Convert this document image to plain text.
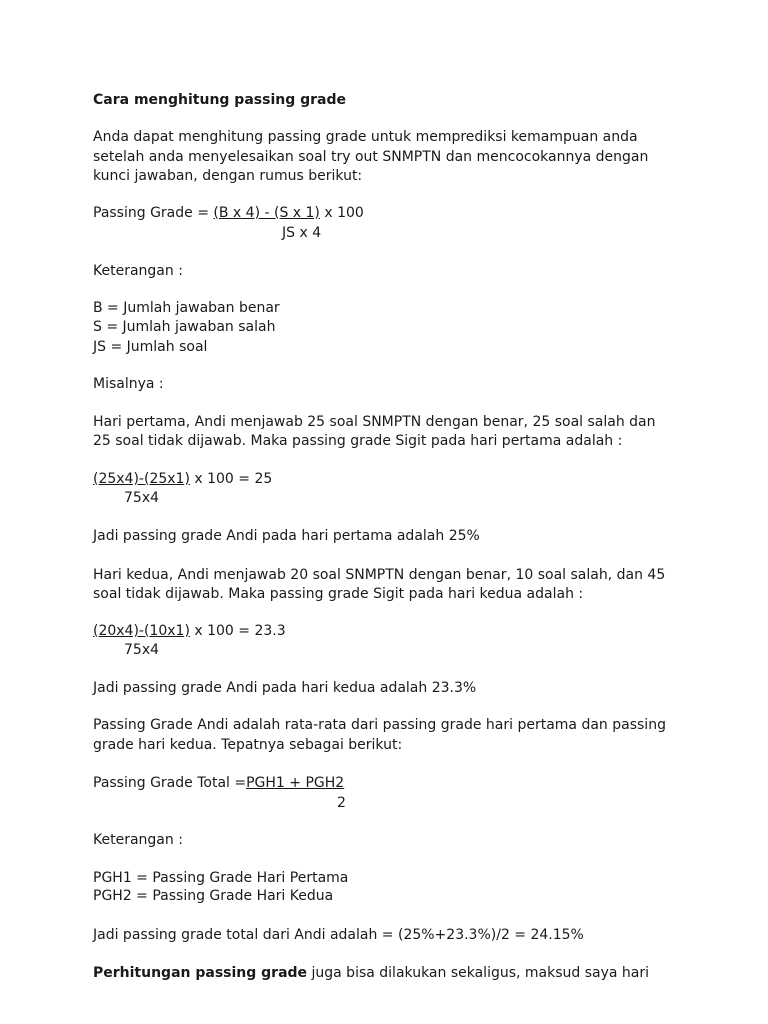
Cara menghitung passing grade
Anda dapat menghitung passing grade untuk memprediksi kemampuan anda
setelah anda menyelesaikan soal try out SNMPTN dan mencocokannya dengan
kunci jawaban, dengan rumus berikut:
Passing Grade = (B x 4) - (S x 1) x 100
JS x 4
Keterangan :
B = Jumlah jawaban benar
S = Jumlah jawaban salah
JS = Jumlah soal
Misalnya :
Hari pertama, Andi menjawab 25 soal SNMPTN dengan benar, 25 soal salah dan
25 soal tidak dijawab. Maka passing grade Sigit pada hari pertama adalah :
(25x4)-(25x1) x 100 = 25
75x4
Jadi passing grade Andi pada hari pertama adalah 25%
Hari kedua, Andi menjawab 20 soal SNMPTN dengan benar, 10 soal salah, dan 45
soal tidak dijawab. Maka passing grade Sigit pada hari kedua adalah :
(20x4)-(10x1) x 100 = 23.3
75x4
Jadi passing grade Andi pada hari kedua adalah 23.3%
Passing Grade Andi adalah rata-rata dari passing grade hari pertama dan passing
grade hari kedua. Tepatnya sebagai berikut:
Passing Grade Total =PGH1 + PGH2
2
Keterangan :
PGH1 = Passing Grade Hari Pertama
PGH2 = Passing Grade Hari Kedua
Jadi passing grade total dari Andi adalah = (25%+23.3%)/2 = 24.15%
Perhitungan passing grade juga bisa dilakukan sekaligus, maksud saya hari
